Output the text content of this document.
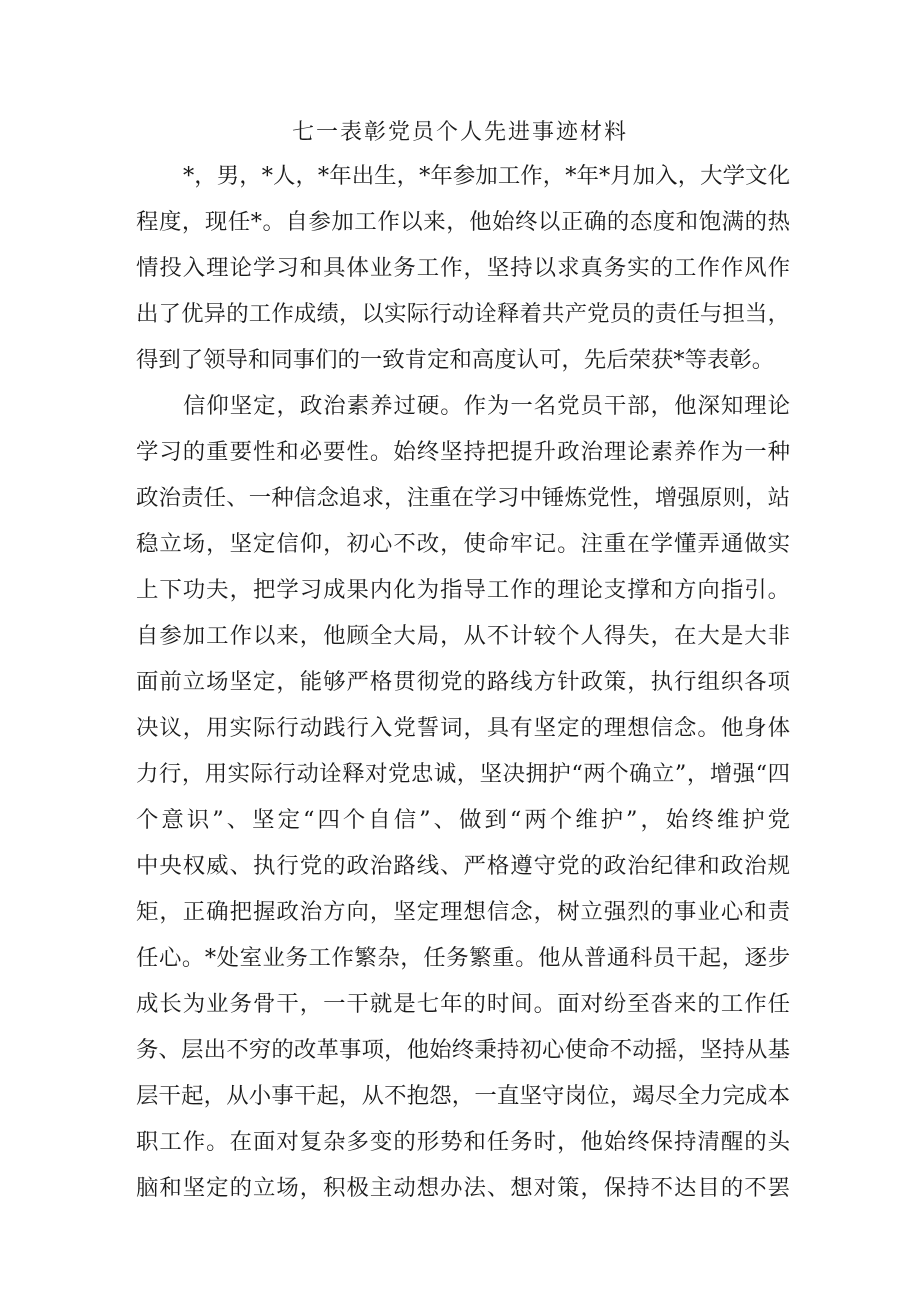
七一表彰党员个人先进事迹材料
*，男，*人，*年出生，*年参加工作，*年*月加入，大学文化
程度，现任*。自参加工作以来，他始终以正确的态度和饱满的热
情投入理论学习和具体业务工作，坚持以求真务实的工作作风作
出了优异的工作成绩，以实际行动诠释着共产党员的责任与担当，
得到了领导和同事们的一致肯定和高度认可，先后荣获*等表彰。
信仰坚定，政治素养过硬。作为一名党员干部，他深知理论
学习的重要性和必要性。始终坚持把提升政治理论素养作为一种
政治责任、一种信念追求，注重在学习中锤炼党性，增强原则，站
稳立场，坚定信仰，初心不改，使命牢记。注重在学懂弄通做实
上下功夫，把学习成果内化为指导工作的理论支撑和方向指引。
自参加工作以来，他顾全大局，从不计较个人得失，在大是大非
面前立场坚定，能够严格贯彻党的路线方针政策，执行组织各项
决议，用实际行动践行入党誓词，具有坚定的理想信念。他身体
力行，用实际行动诠释对党忠诚，坚决拥护“两个确立”，增强“四
个意识”、坚定“四个自信”、做到“两个维护”，始终维护党
中央权威、执行党的政治路线、严格遵守党的政治纪律和政治规
矩，正确把握政治方向，坚定理想信念，树立强烈的事业心和责
任心。*处室业务工作繁杂，任务繁重。他从普通科员干起，逐步
成长为业务骨干，一干就是七年的时间。面对纷至沓来的工作任
务、层出不穷的改革事项，他始终秉持初心使命不动摇，坚持从基
层干起，从小事干起，从不抱怨，一直坚守岗位，竭尽全力完成本
职工作。在面对复杂多变的形势和任务时，他始终保持清醒的头
脑和坚定的立场，积极主动想办法、想对策，保持不达目的不罢
